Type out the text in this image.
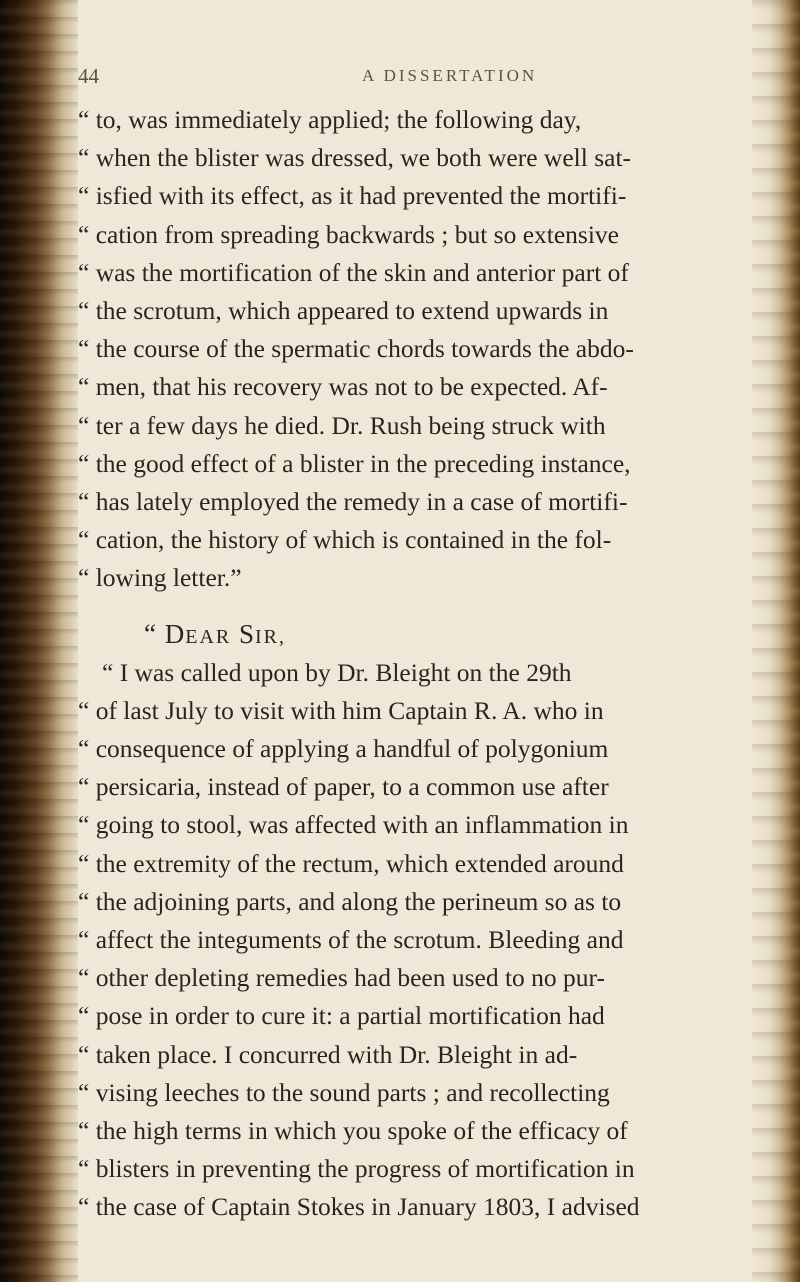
44	A DISSERTATION
“ to, was immediately applied; the following day,
“ when the blister was dressed, we both were well sat-
“ isfied with its effect, as it had prevented the mortifi-
“ cation from spreading backwards ; but so extensive
“ was the mortification of the skin and anterior part of
“ the scrotum, which appeared to extend upwards in
“ the course of the spermatic chords towards the abdo-
“ men, that his recovery was not to be expected. Af-
“ ter a few days he died. Dr. Rush being struck with
“ the good effect of a blister in the preceding instance,
“ has lately employed the remedy in a case of mortifi-
“ cation, the history of which is contained in the fol-
“ lowing letter.”
“ DEAR SIR,
“ I was called upon by Dr. Bleight on the 29th
“ of last July to visit with him Captain R. A. who in
“ consequence of applying a handful of polygonium
“ persicaria, instead of paper, to a common use after
“ going to stool, was affected with an inflammation in
“ the extremity of the rectum, which extended around
“ the adjoining parts, and along the perineum so as to
“ affect the integuments of the scrotum. Bleeding and
“ other depleting remedies had been used to no pur-
“ pose in order to cure it: a partial mortification had
“ taken place. I concurred with Dr. Bleight in ad-
“ vising leeches to the sound parts ; and recollecting
“ the high terms in which you spoke of the efficacy of
“ blisters in preventing the progress of mortification in
“ the case of Captain Stokes in January 1803, I advised
